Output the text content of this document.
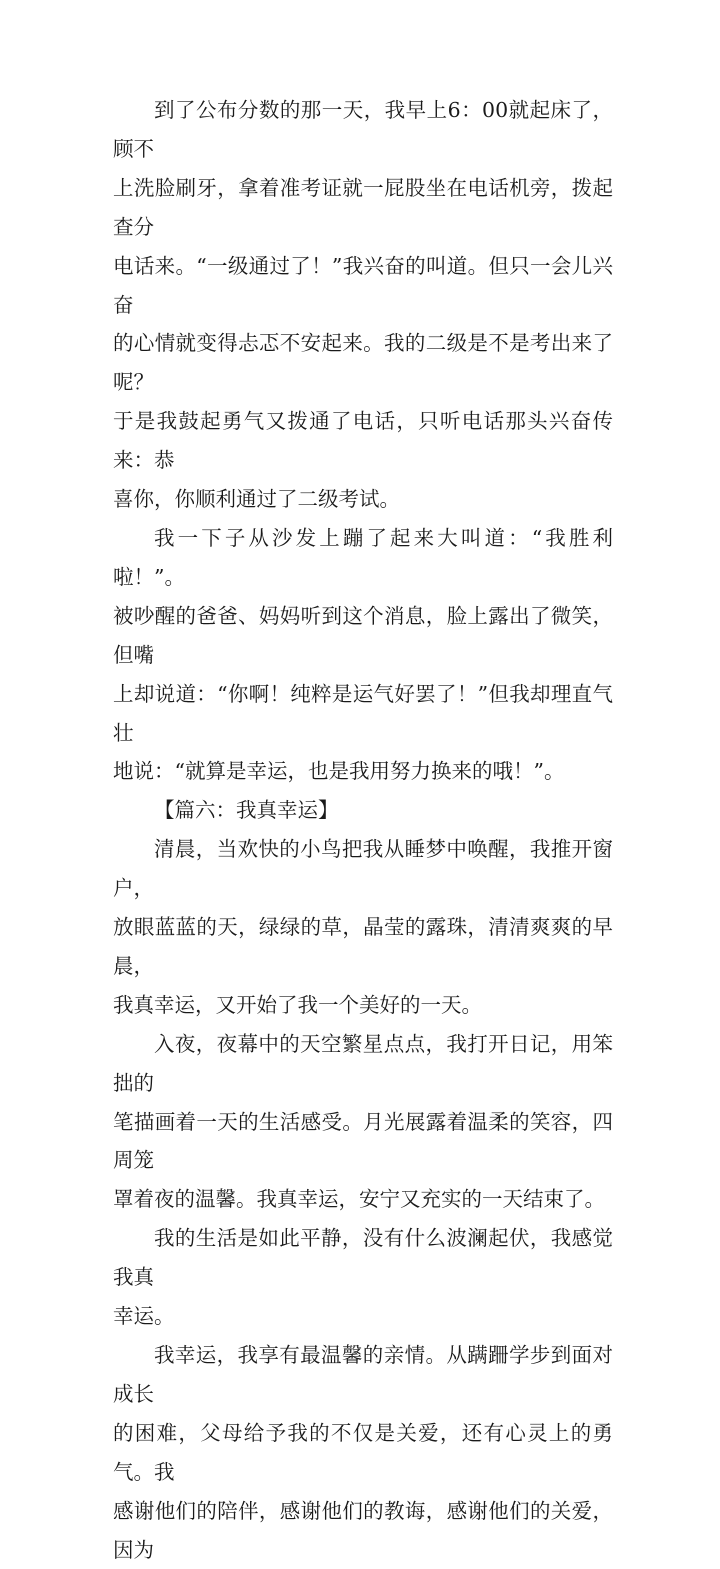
到了公布分数的那一天，我早上6：00就起床了，顾不
上洗脸刷牙，拿着准考证就一屁股坐在电话机旁，拨起查分
电话来。“一级通过了！”我兴奋的叫道。但只一会儿兴奋
的心情就变得忐忑不安起来。我的二级是不是考出来了呢？
于是我鼓起勇气又拨通了电话，只听电话那头兴奋传来：恭
喜你，你顺利通过了二级考试。

我一下子从沙发上蹦了起来大叫道：“我胜利啦！”。
被吵醒的爸爸、妈妈听到这个消息，脸上露出了微笑，但嘴
上却说道：“你啊！纯粹是运气好罢了！”但我却理直气壮
地说：“就算是幸运，也是我用努力换来的哦！”。

【篇六：我真幸运】

清晨，当欢快的小鸟把我从睡梦中唤醒，我推开窗户，
放眼蓝蓝的天，绿绿的草，晶莹的露珠，清清爽爽的早晨，
我真幸运，又开始了我一个美好的一天。

入夜，夜幕中的天空繁星点点，我打开日记，用笨拙的
笔描画着一天的生活感受。月光展露着温柔的笑容，四周笼
罩着夜的温馨。我真幸运，安宁又充实的一天结束了。

我的生活是如此平静，没有什么波澜起伏，我感觉我真
幸运。

我幸运，我享有最温馨的亲情。从蹒跚学步到面对成长
的困难，父母给予我的不仅是关爱，还有心灵上的勇气。我
感谢他们的陪伴，感谢他们的教诲，感谢他们的关爱，因为
